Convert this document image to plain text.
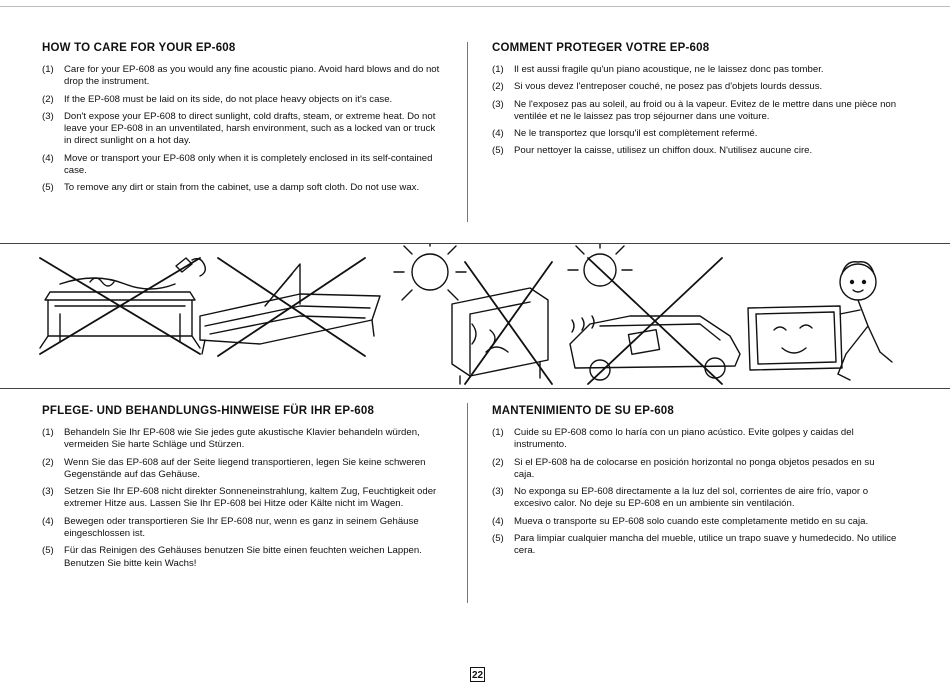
HOW TO CARE FOR YOUR EP-608
(1) Care for your EP-608 as you would any fine acoustic piano. Avoid hard blows and do not drop the instrument.
(2) If the EP-608 must be laid on its side, do not place heavy objects on it's case.
(3) Don't expose your EP-608 to direct sunlight, cold drafts, steam, or extreme heat. Do not leave your EP-608 in an unventilated, harsh environment, such as a locked van or truck in direct sunlight on a hot day.
(4) Move or transport your EP-608 only when it is completely enclosed in its self-contained case.
(5) To remove any dirt or stain from the cabinet, use a damp soft cloth. Do not use wax.
COMMENT PROTEGER VOTRE EP-608
(1) Il est aussi fragile qu'un piano acoustique, ne le laissez donc pas tomber.
(2) Si vous devez l'entreposer couché, ne posez pas d'objets lourds dessus.
(3) Ne l'exposez pas au soleil, au froid ou à la vapeur. Evitez de le mettre dans une pièce non ventilée et ne le laissez pas trop séjourner dans une voiture.
(4) Ne le transportez que lorsqu'il est complètement refermé.
(5) Pour nettoyer la caisse, utilisez un chiffon doux. N'utilisez aucune cire.
PFLEGE- UND BEHANDLUNGS-HINWEISE FÜR IHR EP-608
(1) Behandeln Sie Ihr EP-608 wie Sie jedes gute akustische Klavier behandeln würden, vermeiden Sie harte Schläge und Stürzen.
(2) Wenn Sie das EP-608 auf der Seite liegend transportieren, legen Sie keine schweren Gegenstände auf das Gehäuse.
(3) Setzen Sie Ihr EP-608 nicht direkter Sonneneinstrahlung, kaltem Zug, Feuchtigkeit oder extremer Hitze aus. Lassen Sie Ihr EP-608 bei Hitze oder Kälte nicht im Wagen.
(4) Bewegen oder transportieren Sie Ihr EP-608 nur, wenn es ganz in seinem Gehäuse eingeschlossen ist.
(5) Für das Reinigen des Gehäuses benutzen Sie bitte einen feuchten weichen Lappen. Benutzen Sie bitte kein Wachs!
MANTENIMIENTO DE SU EP-608
(1) Cuide su EP-608 como lo haría con un piano acústico. Evite golpes y caidas del instrumento.
(2) Si el EP-608 ha de colocarse en posición horizontal no ponga objetos pesados en su caja.
(3) No exponga su EP-608 directamente a la luz del sol, corrientes de aire frío, vapor o excesivo calor. No deje su EP-608 en un ambiente sin ventilación.
(4) Mueva o transporte su EP-608 solo cuando este completamente metido en su caja.
(5) Para limpiar cualquier mancha del mueble, utilice un trapo suave y humedecido. No utilice cera.
22
